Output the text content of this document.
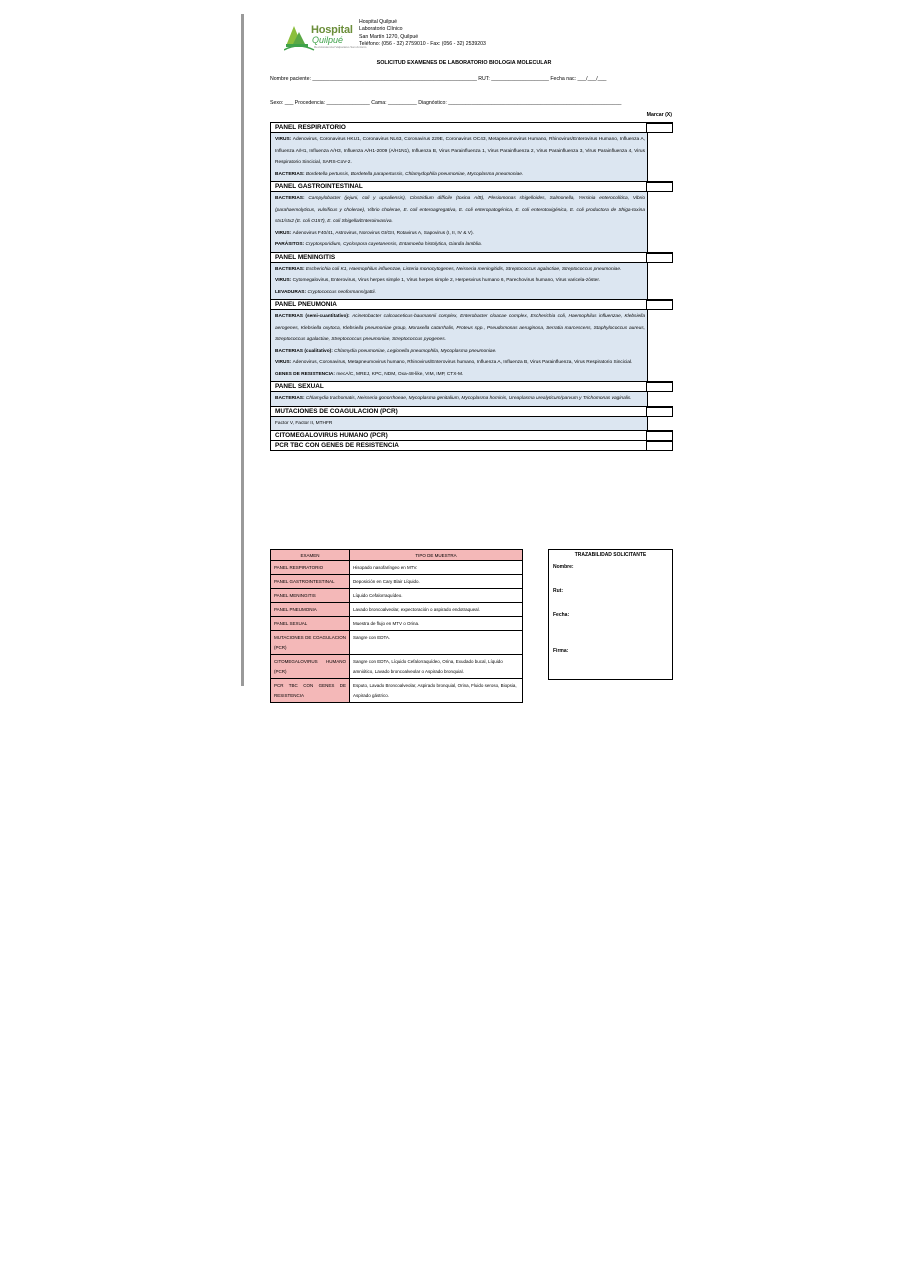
Hospital
Quilpué
Red Asistencial Valparaíso San Antonio
Hospital Quilpué
Laboratorio Clínico
San Martín 1270, Quilpué
Teléfono: (056 - 32) 2759010 - Fax: (056 - 32) 2539203
SOLICITUD EXAMENES DE LABORATORIO BIOLOGIA MOLECULAR
Nombre paciente: _________________________________________________________ RUT: ____________________ Fecha nac: ___/___/___
Sexo: ___ Procedencia: _______________ Cama: __________ Diagnóstico: ____________________________________________________________
Marcar (X)
PANEL RESPIRATORIO

VIRUS: Adenovirus, Coronavirus HKU1, Coronavirus NL63, Coronavirus 229E, Coronavirus OC43, Metapneumovirus Humano, Rhinovirus/Enterovirus Humano, Influenza A, Influenza A/H1, Influenza A/H3, Influenza A/H1-2009 (A/H1N1), Influenza B, Virus Parainfluenza 1, Virus Parainfluenza 2, Virus Parainfluenza 3, Virus Parainfluenza 4, Virus Respiratorio Sincicial, SARS-CoV-2.

BACTERIAS: Bordetella pertussis, Bordetella parapertussis, Chlamydophila pneumoniae, Mycoplasma pneumoniae.

PANEL GASTROINTESTINAL

BACTERIAS: Campylobacter (jejuni, coli y upsaliensis), Clostridium difficile (toxina A/B), Plesiomonas shigelloides, Salmonella, Yersinia enterocolítica, Vibrio (parahaemolyticus, vulnificus y cholerae), Vibrio cholerae, E. coli enteroagregativa, E. coli enteropatogénica, E. coli enterotoxigénica, E. coli productora de Shiga-toxina stx1/stx2 (E. coli O157), E. coli Shigella/Enteroinvasiva.

VIRUS: Adenovirus F40/41, Astrovirus, Norovirus GI/GII, Rotavirus A, Sapovirus (I, II, IV & V).

PARÁSITOS: Cryptosporidium, Cyclospora cayetanensis, Entamoeba histolytica, Giardia lamblia.

PANEL MENINGITIS

BACTERIAS: Escherichia coli K1, Haemophilus influenzae, Listeria monocytogenes, Neisseria meningitidis, Streptococcus agalactiae, Streptococcus pneumoniae.

VIRUS: Cytomegalovirus, Enterovirus, Virus herpes simple 1, Virus herpes simple 2, Herpesvirus humano 6, Parechovirus humano, Virus varicela-zóster.

LEVADURAS: Cryptococcus neoformans/gattii.

PANEL PNEUMONIA

BACTERIAS (semi-cuantitativo): Acinetobacter calcoaceticus-baumannii complex, Enterobacter cloacae complex, Escherichia coli, Haemophilus influenzae, Klebsiella aerogenes, Klebsiella oxytoca, Klebsiella pneumoniae group, Moraxella catarrhalis, Proteus spp., Pseudomonas aeruginosa, Serratia marcescens, Staphylococcus aureus, Streptococcus agalactiae, Streptococcus pneumoniae, Streptococcus pyogenes.

BACTERIAS (cualitativo): Chlamydia pneumoniae, Legionella pneumophila, Mycoplasma pneumoniae.

VIRUS: Adenovirus, Coronavirus, Metapneumovirus humano, Rhinovirus/Enterovirus humano, Influenza A, Influenza B, Virus Parainfluenza, Virus Respiratorio Sincicial.

GENES DE RESISTENCIA: mecA/C, MREJ, KPC, NDM, Oxa-48-like, VIM, IMP, CTX-M.

PANEL SEXUAL

BACTERIAS: Chlamydia trachomatis, Neisseria gonorrhoeae, Mycoplasma genitalium, Mycoplasma hominis, Ureaplasma urealyticum/parvum y Trichomonas vaginalis.

MUTACIONES DE COAGULACION (PCR)

Factor V, Factor II, MTHFR

CITOMEGALOVIRUS HUMANO (PCR)
PCR TBC CON GENES DE RESISTENCIA
EXAMEN	TIPO DE MUESTRA
PANEL RESPIRATORIO	Hisopado nasofaríngeo en MTV.
PANEL GASTROINTESTINAL	Deposición en Cary Blair Líquido.
PANEL MENINGITIS	Líquido Cefalorraquídeo.
PANEL PNEUMONIA	Lavado broncoalveolar, expectoración o aspirado endotraqueal.
PANEL SEXUAL	Muestra de flujo en MTV o Orina.
MUTACIONES DE COAGULACION (PCR)	Sangre con EDTA.
CITOMEGALOVIRUS HUMANO (PCR)	Sangre con EDTA, Líquido Cefalorraquídeo, Orina, Exudado bucal, Líquido amniótico, Lavado broncoalveolar o Aspirado bronquial.
PCR TBC CON GENES DE RESISTENCIA	Esputo, Lavado Broncoalveolar, Aspirado bronquial, Orina, Fluido seroso, Biopsia, Aspirado gástrico.
TRAZABILIDAD SOLICITANTE
Nombre:
Rut:
Fecha:
Firma:
